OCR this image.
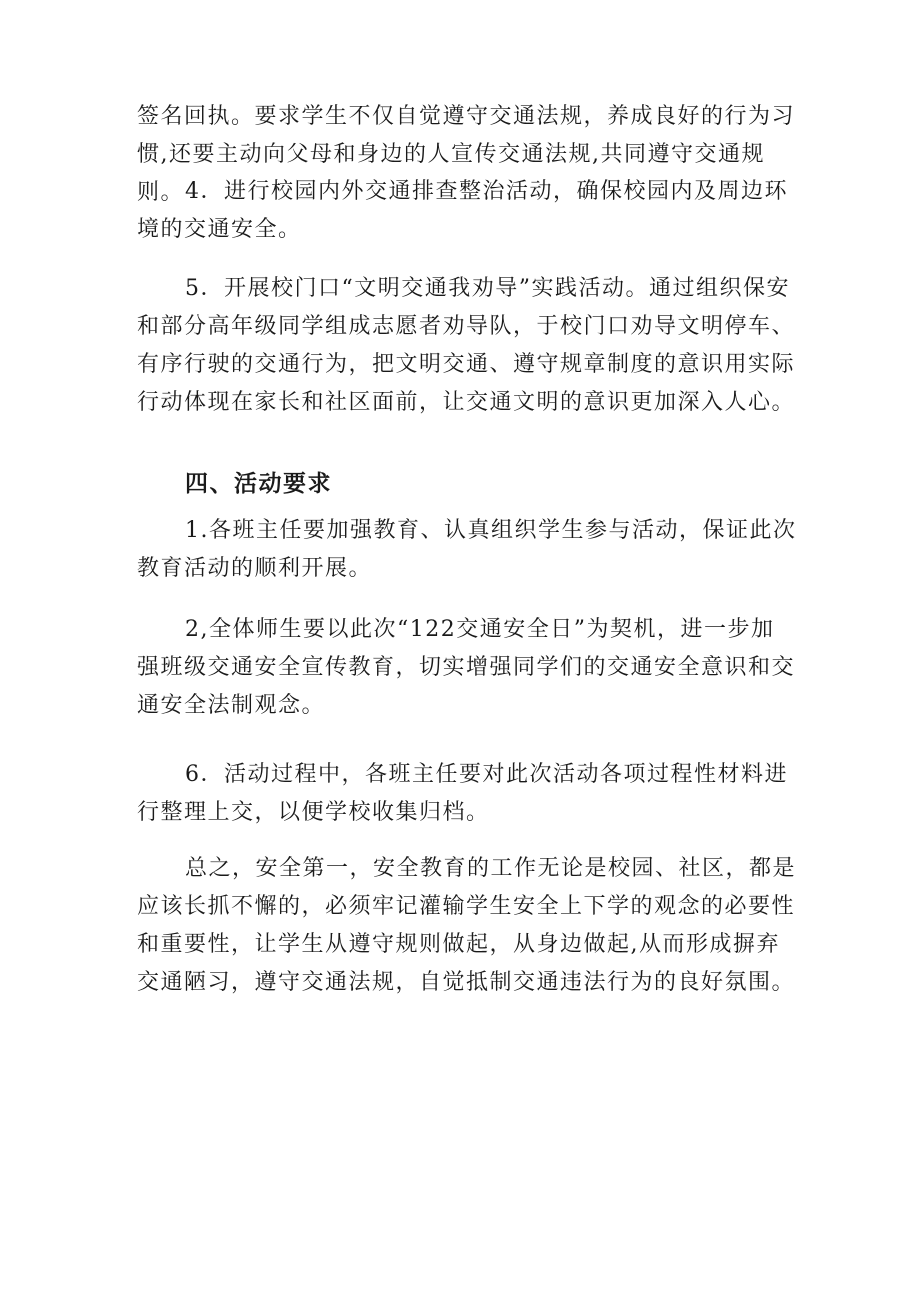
签名回执。要求学生不仅自觉遵守交通法规，养成良好的行为习惯,还要主动向父母和身边的人宣传交通法规,共同遵守交通规则。 4．进行校园内外交通排查整治活动，确保校园内及周边环境的交通安全。

5．开展校门口“文明交通我劝导”实践活动。通过组织保安和部分高年级同学组成志愿者劝导队，于校门口劝导文明停车、有序行驶的交通行为，把文明交通、遵守规章制度的意识用实际行动体现在家长和社区面前，让交通文明的意识更加深入人心。

四、活动要求

1.各班主任要加强教育、认真组织学生参与活动，保证此次教育活动的顺利开展。

2,全体师生要以此次“122交通安全日”为契机，进一步加强班级交通安全宣传教育，切实增强同学们的交通安全意识和交通安全法制观念。

6．活动过程中，各班主任要对此次活动各项过程性材料进行整理上交，以便学校收集归档。

总之，安全第一，安全教育的工作无论是校园、社区，都是应该长抓不懈的，必须牢记灌输学生安全上下学的观念的必要性和重要性，让学生从遵守规则做起，从身边做起,从而形成摒弃交通陋习，遵守交通法规，自觉抵制交通违法行为的良好氛围。
